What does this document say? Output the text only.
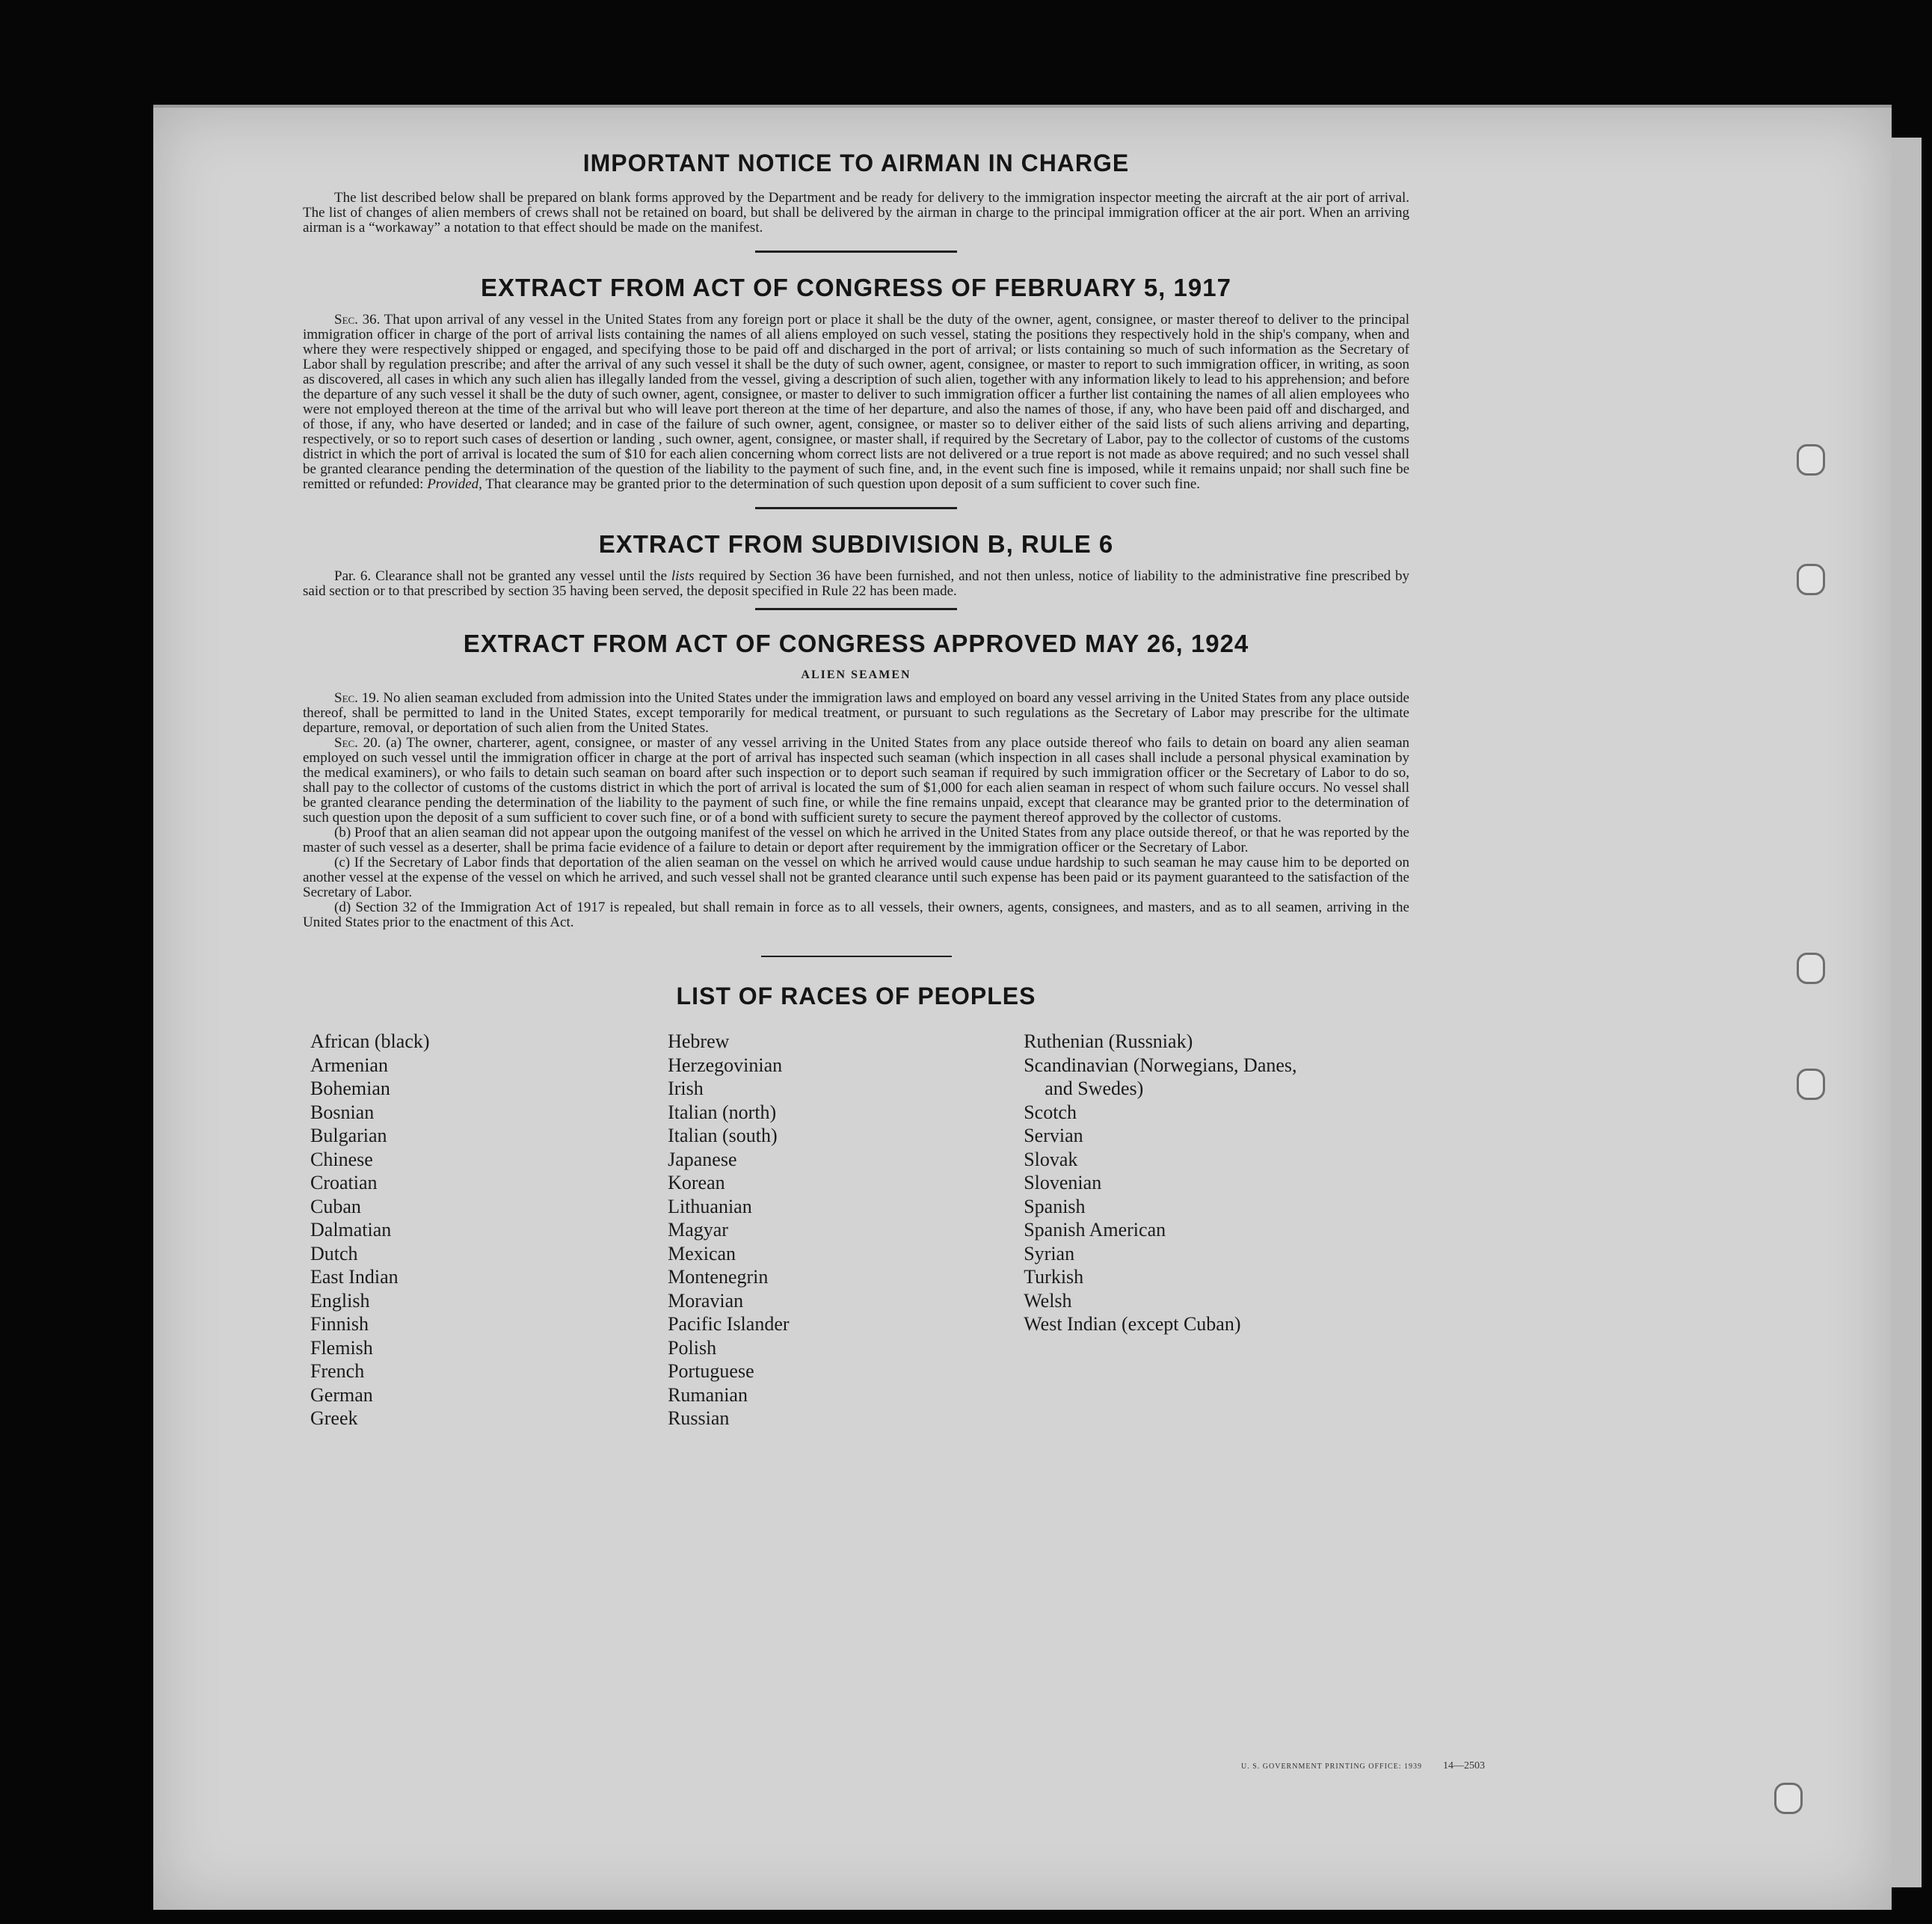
IMPORTANT NOTICE TO AIRMAN IN CHARGE

The list described below shall be prepared on blank forms approved by the Department and be ready for delivery to the immigration inspector meeting the aircraft at the air port of arrival. The list of changes of alien members of crews shall not be retained on board, but shall be delivered by the airman in charge to the principal immigration officer at the air port. When an arriving airman is a “workaway” a notation to that effect should be made on the manifest.

EXTRACT FROM ACT OF CONGRESS OF FEBRUARY 5, 1917

Sec. 36. That upon arrival of any vessel in the United States from any foreign port or place it shall be the duty of the owner, agent, consignee, or master thereof to deliver to the principal immigration officer in charge of the port of arrival lists containing the names of all aliens employed on such vessel, stating the positions they respectively hold in the ship's company, when and where they were respectively shipped or engaged, and specifying those to be paid off and discharged in the port of arrival; or lists containing so much of such information as the Secretary of Labor shall by regulation prescribe; and after the arrival of any such vessel it shall be the duty of such owner, agent, consignee, or master to report to such immigration officer, in writing, as soon as discovered, all cases in which any such alien has illegally landed from the vessel, giving a description of such alien, together with any information likely to lead to his apprehension; and before the departure of any such vessel it shall be the duty of such owner, agent, consignee, or master to deliver to such immigration officer a further list containing the names of all alien employees who were not employed thereon at the time of the arrival but who will leave port thereon at the time of her departure, and also the names of those, if any, who have been paid off and discharged, and of those, if any, who have deserted or landed; and in case of the failure of such owner, agent, consignee, or master so to deliver either of the said lists of such aliens arriving and departing, respectively, or so to report such cases of desertion or landing , such owner, agent, consignee, or master shall, if required by the Secretary of Labor, pay to the collector of customs of the customs district in which the port of arrival is located the sum of $10 for each alien concerning whom correct lists are not delivered or a true report is not made as above required; and no such vessel shall be granted clearance pending the determination of the question of the liability to the payment of such fine, and, in the event such fine is imposed, while it remains unpaid; nor shall such fine be remitted or refunded: Provided, That clearance may be granted prior to the determination of such question upon deposit of a sum sufficient to cover such fine.

EXTRACT FROM SUBDIVISION B, RULE 6

Par. 6. Clearance shall not be granted any vessel until the lists required by Section 36 have been furnished, and not then unless, notice of liability to the administrative fine prescribed by said section or to that prescribed by section 35 having been served, the deposit specified in Rule 22 has been made.

EXTRACT FROM ACT OF CONGRESS APPROVED MAY 26, 1924
ALIEN SEAMEN

Sec. 19. No alien seaman excluded from admission into the United States under the immigration laws and employed on board any vessel arriving in the United States from any place outside thereof, shall be permitted to land in the United States, except temporarily for medical treatment, or pursuant to such regulations as the Secretary of Labor may prescribe for the ultimate departure, removal, or deportation of such alien from the United States.

Sec. 20. (a) The owner, charterer, agent, consignee, or master of any vessel arriving in the United States from any place outside thereof who fails to detain on board any alien seaman employed on such vessel until the immigration officer in charge at the port of arrival has inspected such seaman (which inspection in all cases shall include a personal physical examination by the medical examiners), or who fails to detain such seaman on board after such inspection or to deport such seaman if required by such immigration officer or the Secretary of Labor to do so, shall pay to the collector of customs of the customs district in which the port of arrival is located the sum of $1,000 for each alien seaman in respect of whom such failure occurs. No vessel shall be granted clearance pending the determination of the liability to the payment of such fine, or while the fine remains unpaid, except that clearance may be granted prior to the determination of such question upon the deposit of a sum sufficient to cover such fine, or of a bond with sufficient surety to secure the payment thereof approved by the collector of customs.

(b) Proof that an alien seaman did not appear upon the outgoing manifest of the vessel on which he arrived in the United States from any place outside thereof, or that he was reported by the master of such vessel as a deserter, shall be prima facie evidence of a failure to detain or deport after requirement by the immigration officer or the Secretary of Labor.

(c) If the Secretary of Labor finds that deportation of the alien seaman on the vessel on which he arrived would cause undue hardship to such seaman he may cause him to be deported on another vessel at the expense of the vessel on which he arrived, and such vessel shall not be granted clearance until such expense has been paid or its payment guaranteed to the satisfaction of the Secretary of Labor.

(d) Section 32 of the Immigration Act of 1917 is repealed, but shall remain in force as to all vessels, their owners, agents, consignees, and masters, and as to all seamen, arriving in the United States prior to the enactment of this Act.

LIST OF RACES OF PEOPLES
African (black)
Armenian
Bohemian
Bosnian
Bulgarian
Chinese
Croatian
Cuban
Dalmatian
Dutch
East Indian
English
Finnish
Flemish
French
German
Greek
Hebrew
Herzegovinian
Irish
Italian (north)
Italian (south)
Japanese
Korean
Lithuanian
Magyar
Mexican
Montenegrin
Moravian
Pacific Islander
Polish
Portuguese
Rumanian
Russian
Ruthenian (Russniak)
Scandinavian (Norwegians, Danes,
and Swedes)
Scotch
Servian
Slovak
Slovenian
Spanish
Spanish American
Syrian
Turkish
Welsh
West Indian (except Cuban)
U. S. GOVERNMENT PRINTING OFFICE: 1939 14—2503
